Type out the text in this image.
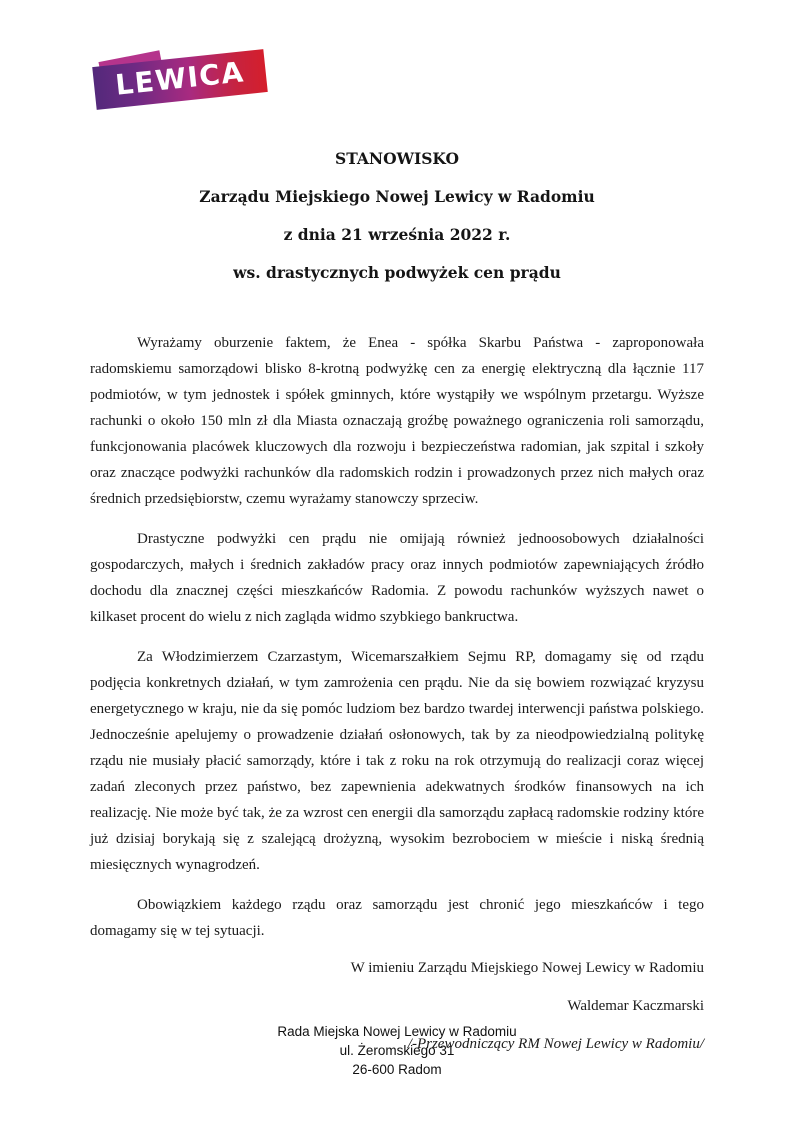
LEWICA

STANOWISKO

Zarządu Miejskiego Nowej Lewicy w Radomiu

z dnia 21 września 2022 r.

ws. drastycznych podwyżek cen prądu

Wyrażamy oburzenie faktem, że Enea - spółka Skarbu Państwa - zaproponowała radomskiemu samorządowi blisko 8-krotną podwyżkę cen za energię elektryczną dla łącznie 117 podmiotów, w tym jednostek i spółek gminnych, które wystąpiły we wspólnym przetargu. Wyższe rachunki o około 150 mln zł dla Miasta oznaczają groźbę poważnego ograniczenia roli samorządu, funkcjonowania placówek kluczowych dla rozwoju i bezpieczeństwa radomian, jak szpital i szkoły oraz znaczące podwyżki rachunków dla radomskich rodzin i prowadzonych przez nich małych oraz średnich przedsiębiorstw, czemu wyrażamy stanowczy sprzeciw.

Drastyczne podwyżki cen prądu nie omijają również jednoosobowych działalności gospodarczych, małych i średnich zakładów pracy oraz innych podmiotów zapewniających źródło dochodu dla znacznej części mieszkańców Radomia. Z powodu rachunków wyższych nawet o kilkaset procent do wielu z nich zagląda widmo szybkiego bankructwa.

Za Włodzimierzem Czarzastym, Wicemarszałkiem Sejmu RP, domagamy się od rządu podjęcia konkretnych działań, w tym zamrożenia cen prądu. Nie da się bowiem rozwiązać kryzysu energetycznego w kraju, nie da się pomóc ludziom bez bardzo twardej interwencji państwa polskiego. Jednocześnie apelujemy o prowadzenie działań osłonowych, tak by za nieodpowiedzialną politykę rządu nie musiały płacić samorządy, które i tak z roku na rok otrzymują do realizacji coraz więcej zadań zleconych przez państwo, bez zapewnienia adekwatnych środków finansowych na ich realizację. Nie może być tak, że za wzrost cen energii dla samorządu zapłacą radomskie rodziny które już dzisiaj borykają się z szalejącą drożyzną, wysokim bezrobociem w mieście i niską średnią miesięcznych wynagrodzeń.

Obowiązkiem każdego rządu oraz samorządu jest chronić jego mieszkańców i tego domagamy się w tej sytuacji.

W imieniu Zarządu Miejskiego Nowej Lewicy w Radomiu

Waldemar Kaczmarski

/-Przewodniczący RM Nowej Lewicy w Radomiu/

Rada Miejska Nowej Lewicy w Radomiu
ul. Żeromskiego 31
26-600 Radom
